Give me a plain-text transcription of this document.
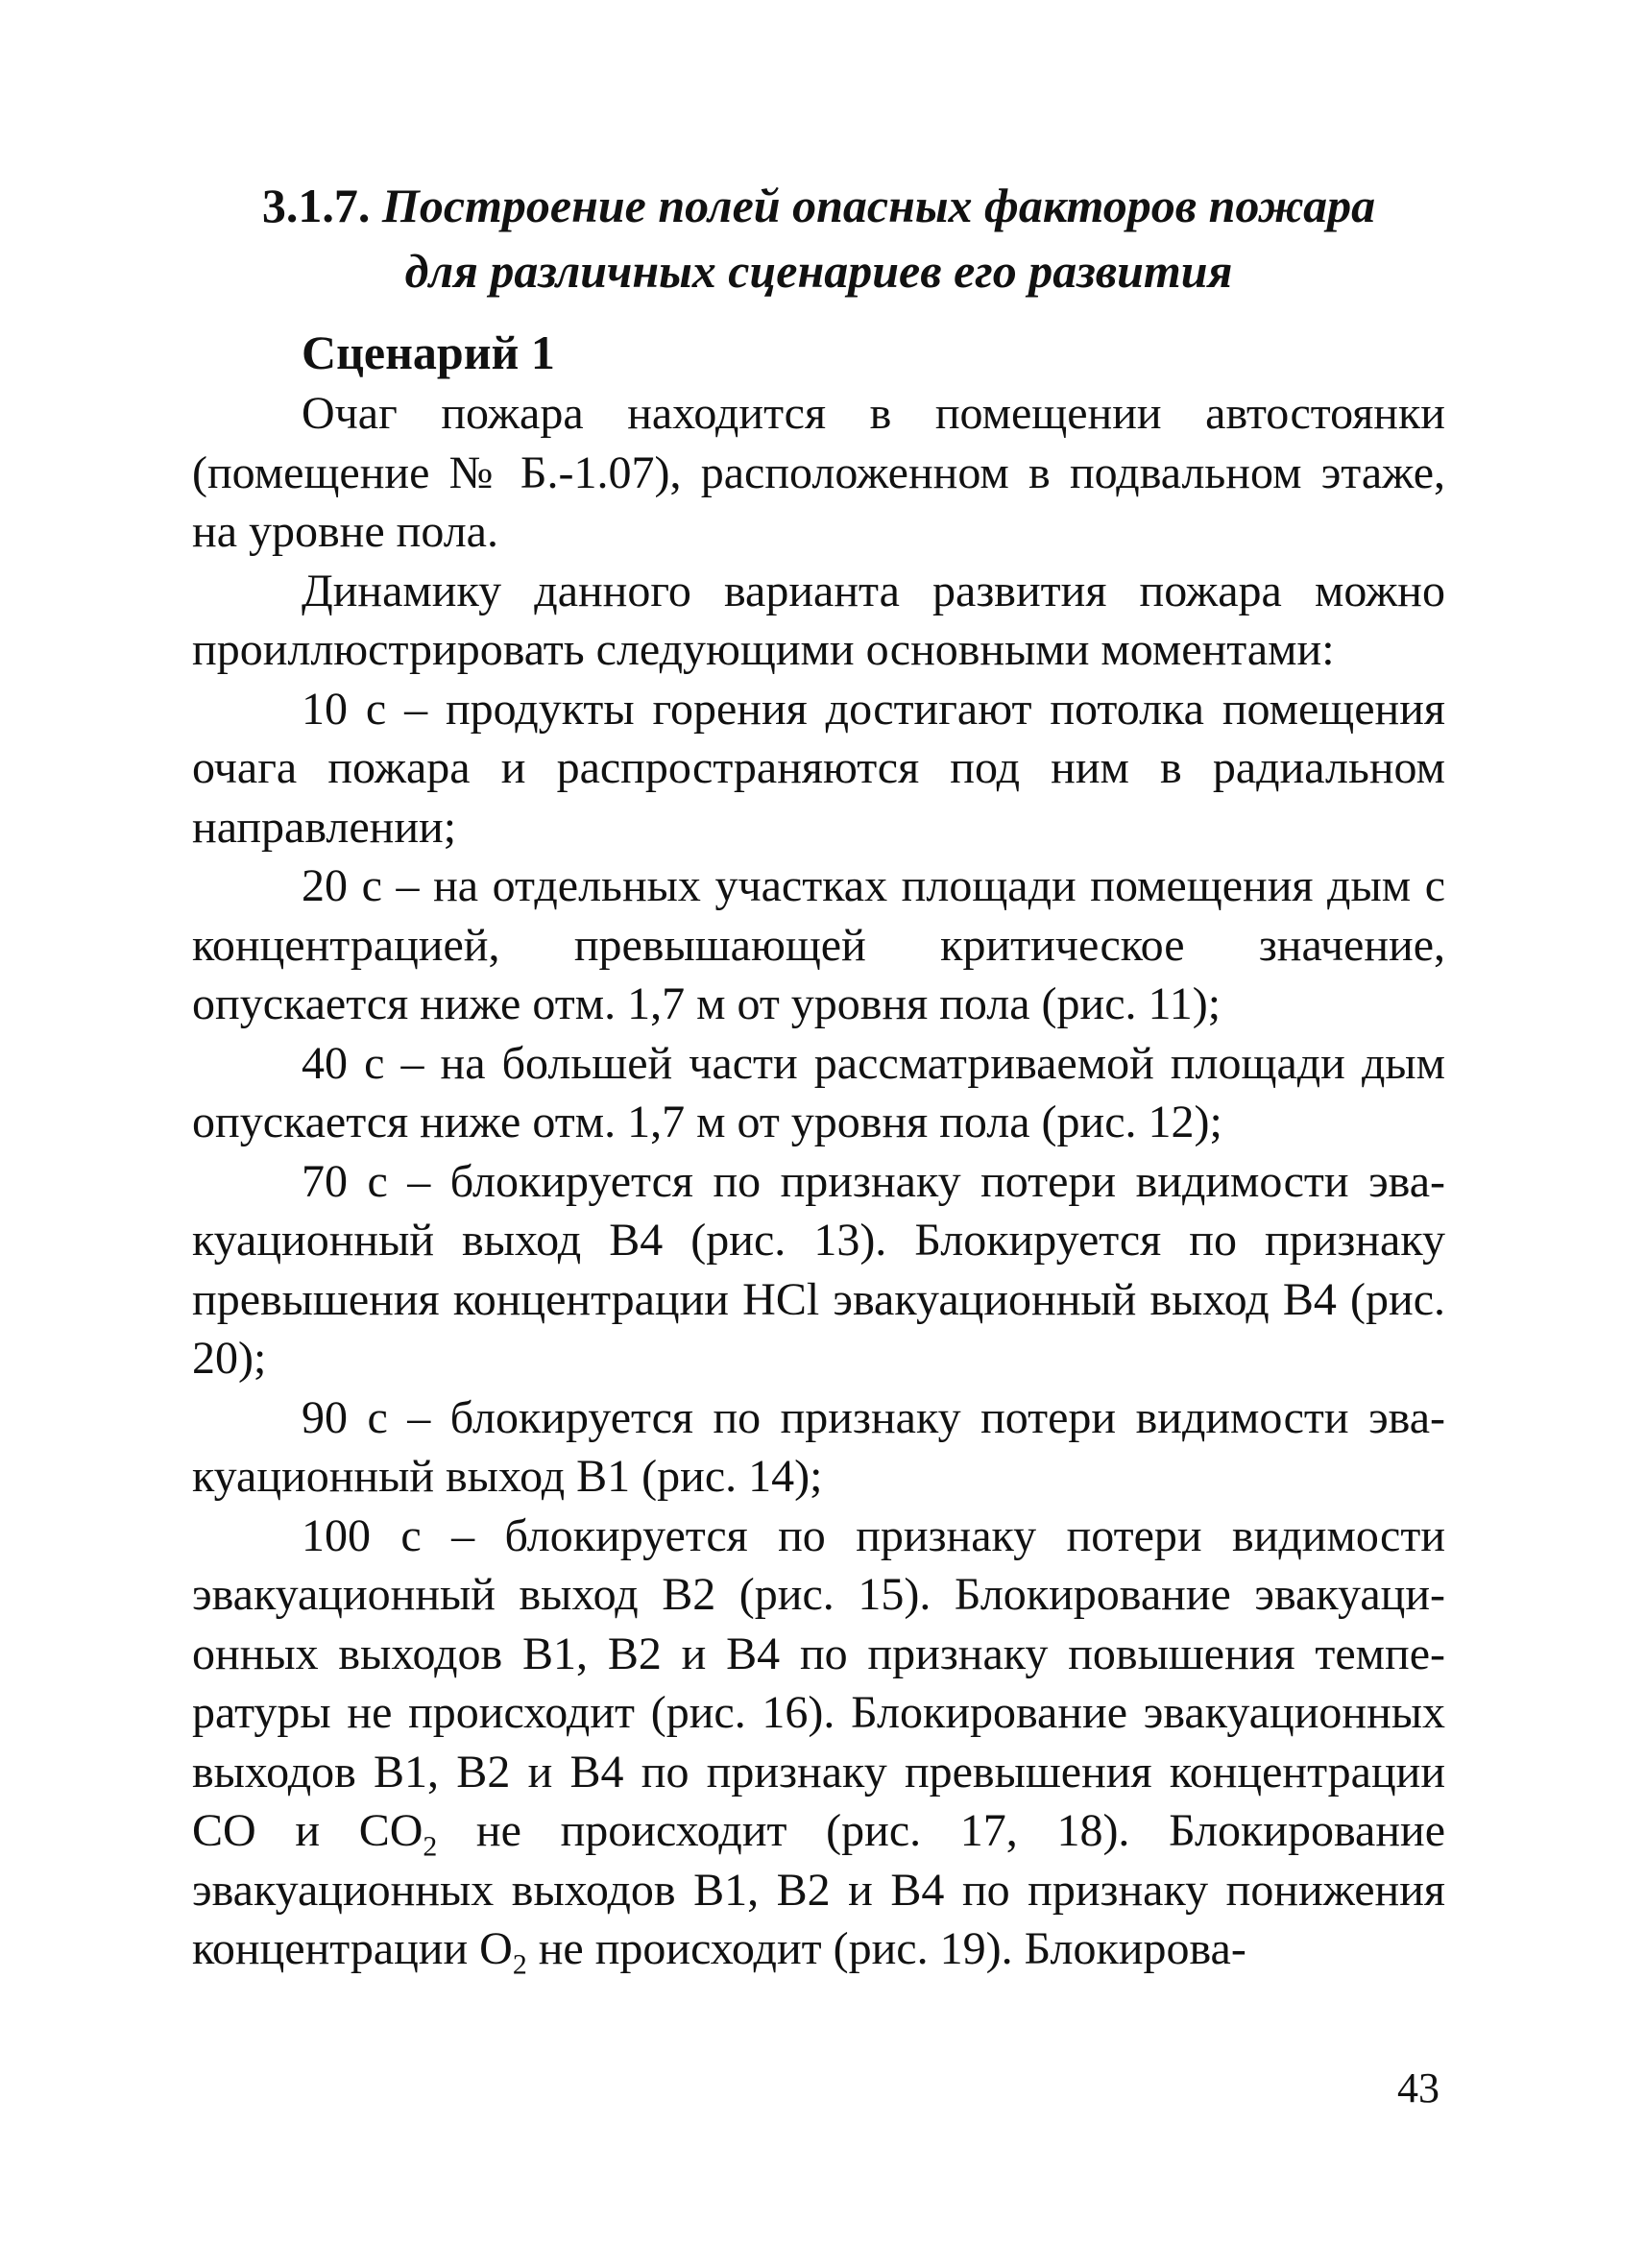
3.1.7. Построение полей опасных факторов пожара
для различных сценариев его развития
Сценарий 1

Очаг пожара находится в помещении автостоянки (помещение № Б.-1.07), расположенном в подвальном этаже, на уровне пола.

Динамику данного варианта развития пожара можно проиллюстрировать следующими основными моментами:

10 с – продукты горения достигают потолка помещения очага пожара и распространяются под ним в радиальном направлении;

20 с – на отдельных участках площади помещения дым с концентрацией, превышающей критическое значение, опускается ниже отм. 1,7 м от уровня пола (рис. 11);

40 с – на большей части рассматриваемой площади дым опускается ниже отм. 1,7 м от уровня пола (рис. 12);

70 с – блокируется по признаку потери видимости эвакуационный выход В4 (рис. 13). Блокируется по признаку превышения концентрации HCl эвакуационный выход В4 (рис. 20);

90 с – блокируется по признаку потери видимости эвакуационный выход В1 (рис. 14);

100 с – блокируется по признаку потери видимости эвакуационный выход В2 (рис. 15). Блокирование эвакуационных выходов В1, В2 и В4 по признаку повышения температуры не происходит (рис. 16). Блокирование эвакуационных выходов В1, В2 и В4 по признаку превышения концентрации СО и $СО_2$ не происходит (рис. 17, 18). Блокирование эвакуационных выходов В1, В2 и В4 по признаку понижения концентрации $О_2$ не происходит (рис. 19). Блокирова-

43
